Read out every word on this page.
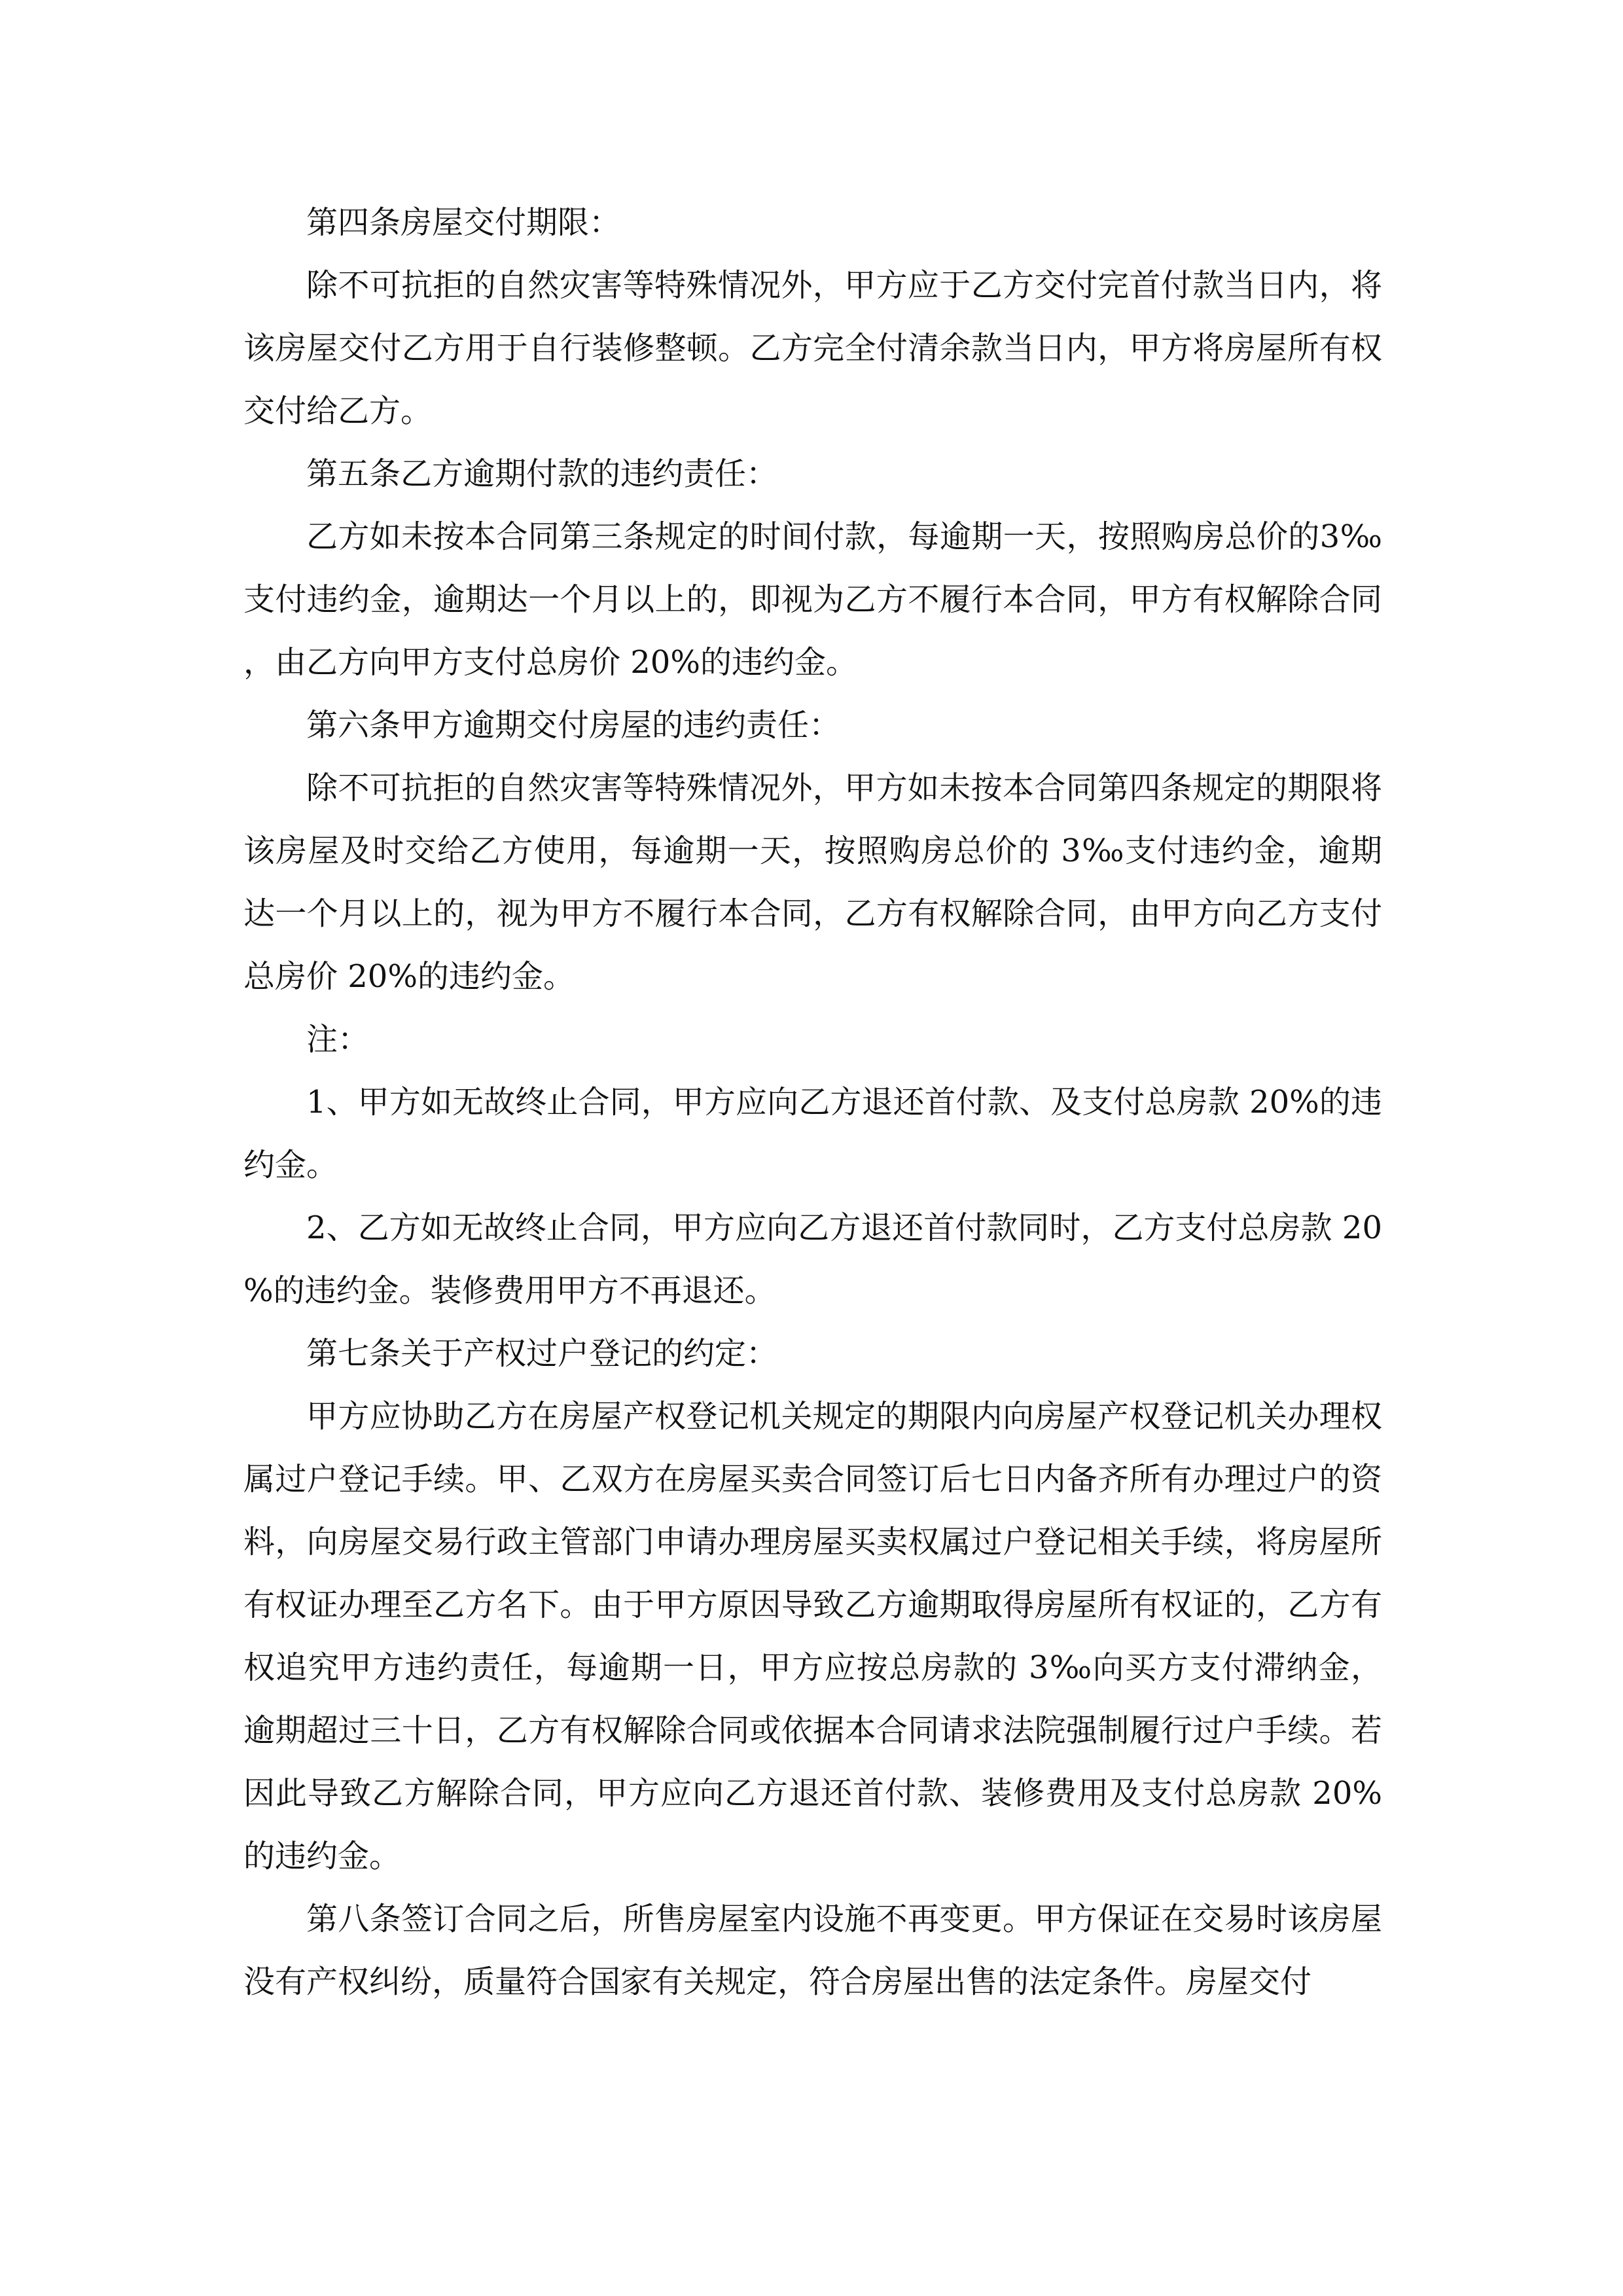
第四条房屋交付期限：

除不可抗拒的自然灾害等特殊情况外，甲方应于乙方交付完首付款当日内，将该房屋交付乙方用于自行装修整顿。乙方完全付清余款当日内，甲方将房屋所有权交付给乙方。

第五条乙方逾期付款的违约责任：

乙方如未按本合同第三条规定的时间付款，每逾期一天，按照购房总价的3‰支付违约金，逾期达一个月以上的，即视为乙方不履行本合同，甲方有权解除合同，由乙方向甲方支付总房价 20%的违约金。

第六条甲方逾期交付房屋的违约责任：

除不可抗拒的自然灾害等特殊情况外，甲方如未按本合同第四条规定的期限将该房屋及时交给乙方使用，每逾期一天，按照购房总价的 3‰支付违约金，逾期达一个月以上的，视为甲方不履行本合同，乙方有权解除合同，由甲方向乙方支付总房价 20%的违约金。

注：

1、甲方如无故终止合同，甲方应向乙方退还首付款、及支付总房款 20%的违约金。

2、乙方如无故终止合同，甲方应向乙方退还首付款同时，乙方支付总房款 20%的违约金。装修费用甲方不再退还。

第七条关于产权过户登记的约定：

甲方应协助乙方在房屋产权登记机关规定的期限内向房屋产权登记机关办理权属过户登记手续。甲、乙双方在房屋买卖合同签订后七日内备齐所有办理过户的资料，向房屋交易行政主管部门申请办理房屋买卖权属过户登记相关手续，将房屋所有权证办理至乙方名下。由于甲方原因导致乙方逾期取得房屋所有权证的，乙方有权追究甲方违约责任，每逾期一日，甲方应按总房款的 3‰向买方支付滞纳金，逾期超过三十日，乙方有权解除合同或依据本合同请求法院强制履行过户手续。若因此导致乙方解除合同，甲方应向乙方退还首付款、装修费用及支付总房款 20%的违约金。

第八条签订合同之后，所售房屋室内设施不再变更。甲方保证在交易时该房屋没有产权纠纷，质量符合国家有关规定，符合房屋出售的法定条件。房屋交付
